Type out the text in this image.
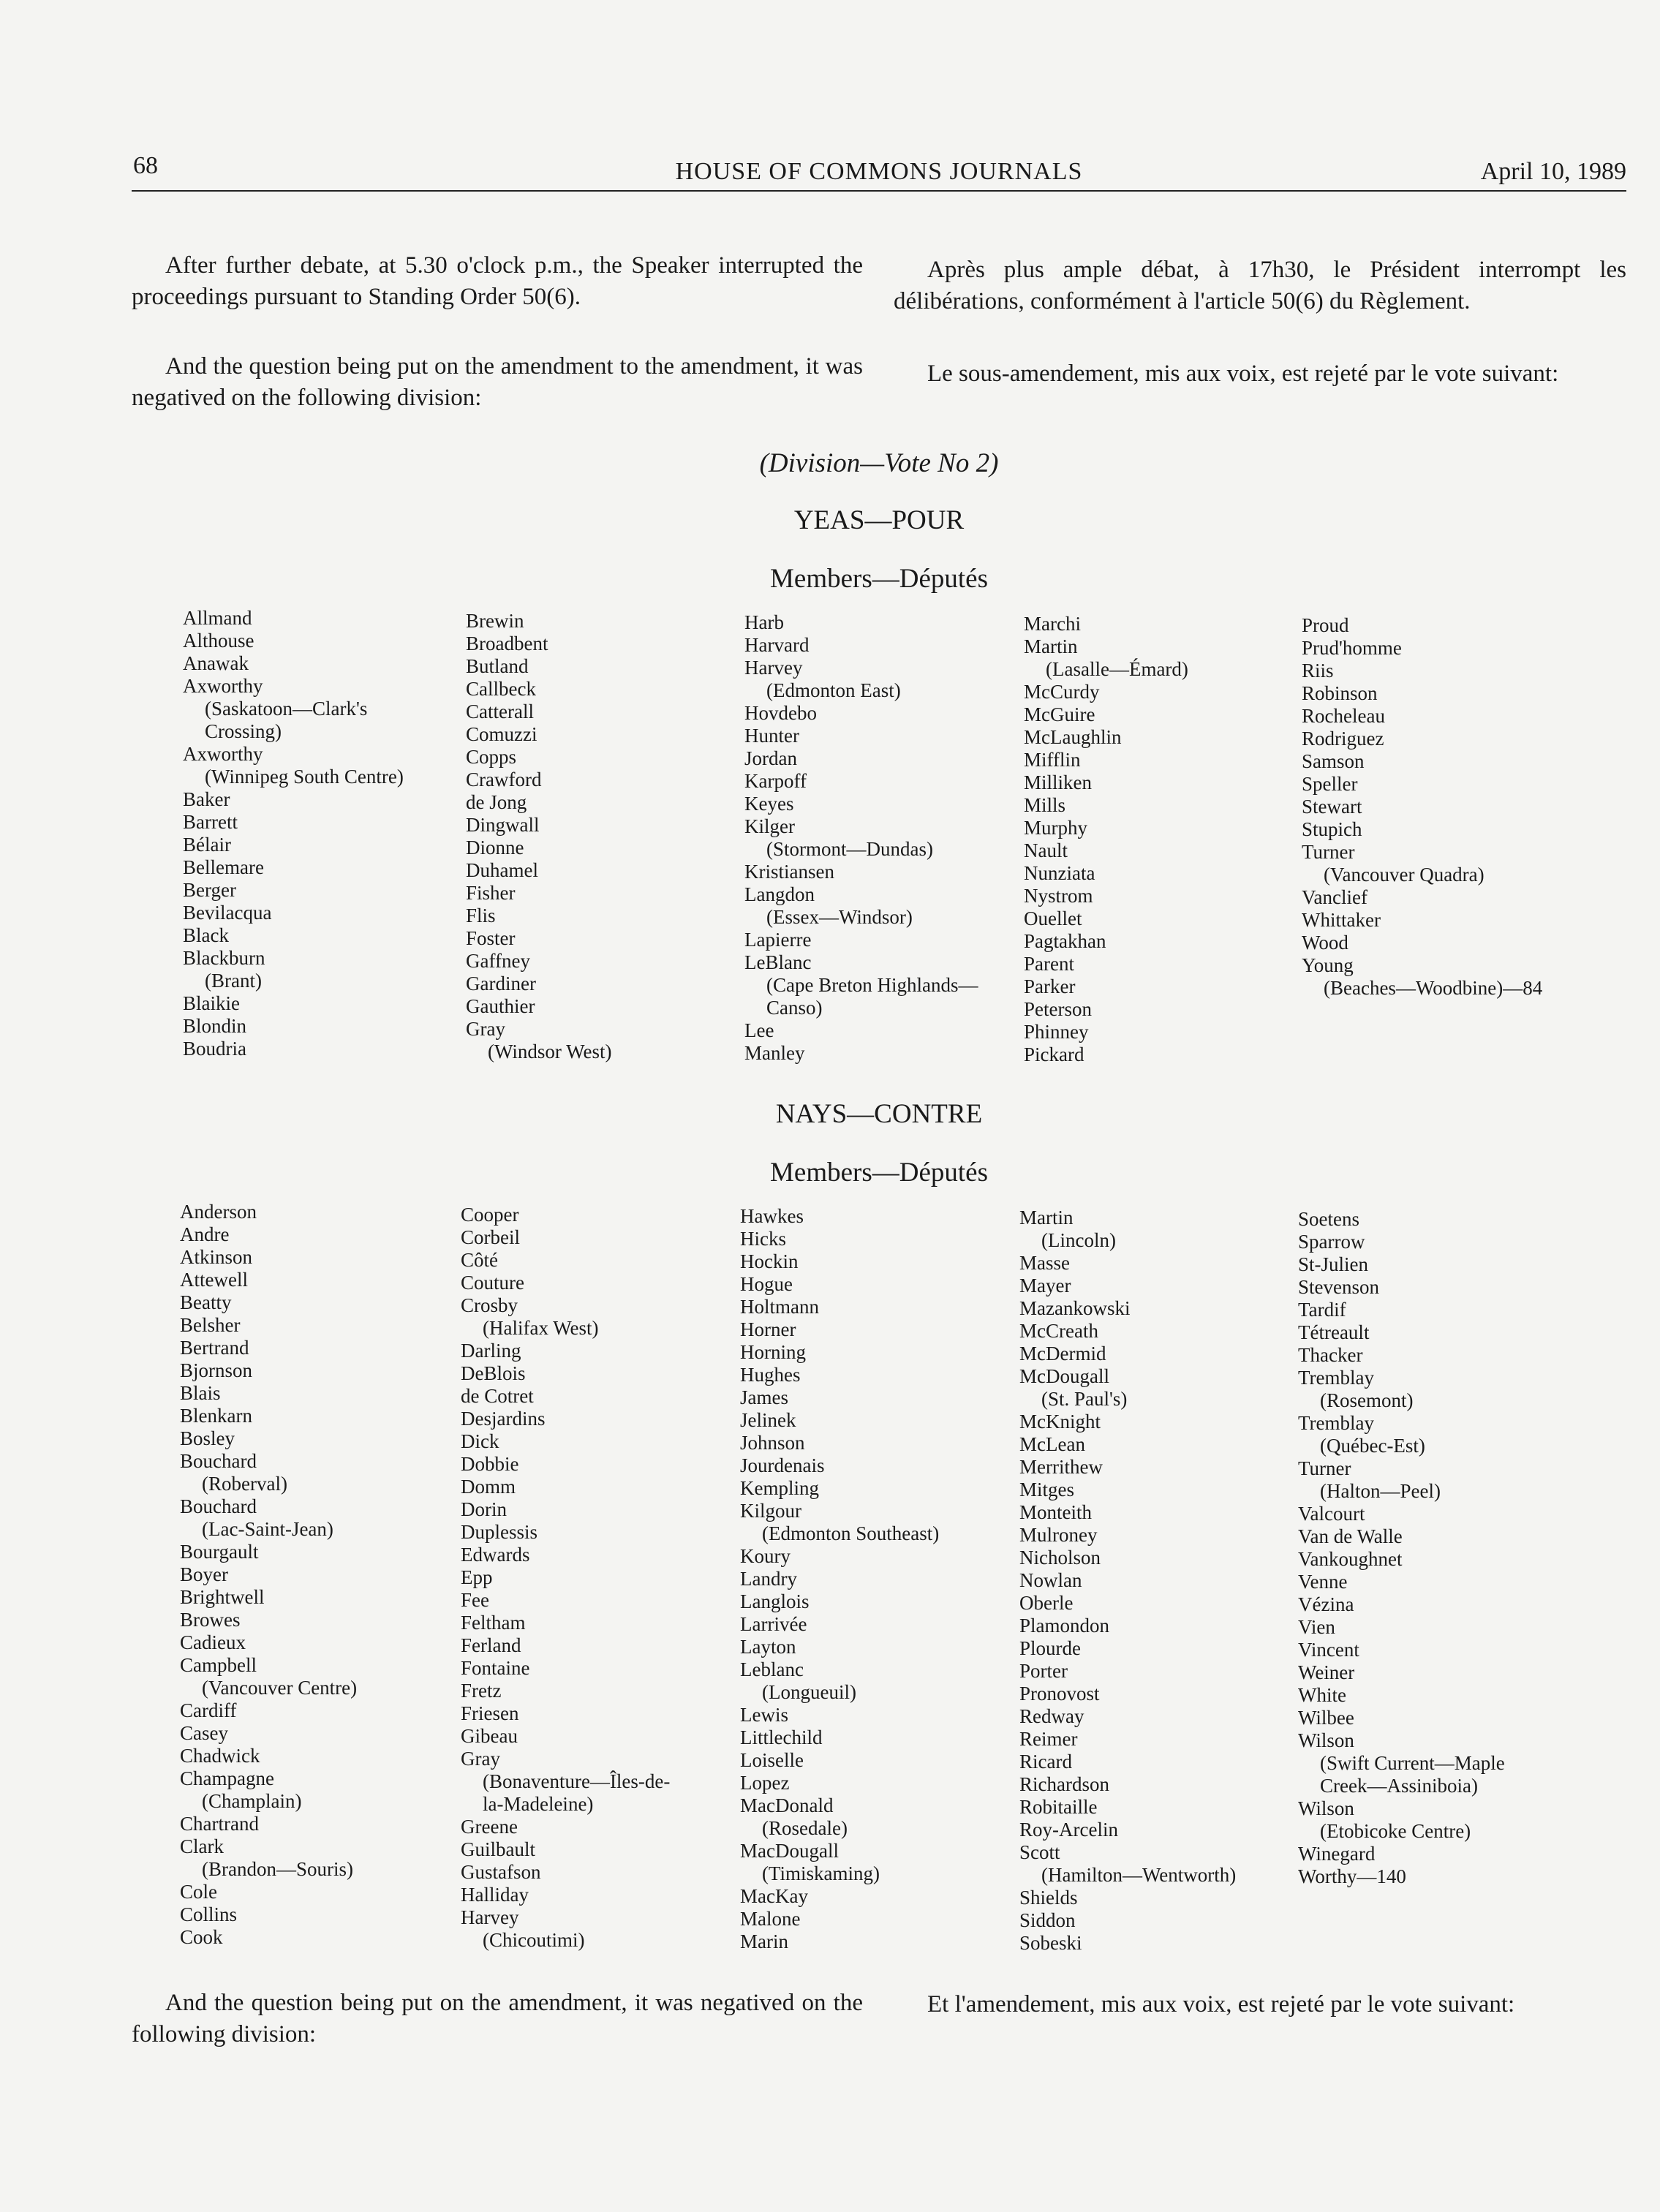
68	HOUSE OF COMMONS JOURNALS	April 10, 1989
After further debate, at 5.30 o'clock p.m., the Speaker interrupted the proceedings pursuant to Standing Order 50(6).
Après plus ample débat, à 17h30, le Président interrompt les délibérations, conformément à l'article 50(6) du Règlement.
And the question being put on the amendment to the amendment, it was negatived on the following division:
Le sous-amendement, mis aux voix, est rejeté par le vote suivant:
(Division—Vote No 2)
YEAS—POUR
Members—Députés
Allmand
Althouse
Anawak
Axworthy
(Saskatoon—Clark's
Crossing)
Axworthy
(Winnipeg South Centre)
Baker
Barrett
Bélair
Bellemare
Berger
Bevilacqua
Black
Blackburn
(Brant)
Blaikie
Blondin
Boudria
Brewin
Broadbent
Butland
Callbeck
Catterall
Comuzzi
Copps
Crawford
de Jong
Dingwall
Dionne
Duhamel
Fisher
Flis
Foster
Gaffney
Gardiner
Gauthier
Gray
(Windsor West)
Harb
Harvard
Harvey
(Edmonton East)
Hovdebo
Hunter
Jordan
Karpoff
Keyes
Kilger
(Stormont—Dundas)
Kristiansen
Langdon
(Essex—Windsor)
Lapierre
LeBlanc
(Cape Breton Highlands—
Canso)
Lee
Manley
Marchi
Martin
(Lasalle—Émard)
McCurdy
McGuire
McLaughlin
Mifflin
Milliken
Mills
Murphy
Nault
Nunziata
Nystrom
Ouellet
Pagtakhan
Parent
Parker
Peterson
Phinney
Pickard
Proud
Prud'homme
Riis
Robinson
Rocheleau
Rodriguez
Samson
Speller
Stewart
Stupich
Turner
(Vancouver Quadra)
Vanclief
Whittaker
Wood
Young
(Beaches—Woodbine)—84
NAYS—CONTRE
Members—Députés
Anderson
Andre
Atkinson
Attewell
Beatty
Belsher
Bertrand
Bjornson
Blais
Blenkarn
Bosley
Bouchard
(Roberval)
Bouchard
(Lac-Saint-Jean)
Bourgault
Boyer
Brightwell
Browes
Cadieux
Campbell
(Vancouver Centre)
Cardiff
Casey
Chadwick
Champagne
(Champlain)
Chartrand
Clark
(Brandon—Souris)
Cole
Collins
Cook
Cooper
Corbeil
Côté
Couture
Crosby
(Halifax West)
Darling
DeBlois
de Cotret
Desjardins
Dick
Dobbie
Domm
Dorin
Duplessis
Edwards
Epp
Fee
Feltham
Ferland
Fontaine
Fretz
Friesen
Gibeau
Gray
(Bonaventure—Îles-de-
la-Madeleine)
Greene
Guilbault
Gustafson
Halliday
Harvey
(Chicoutimi)
Hawkes
Hicks
Hockin
Hogue
Holtmann
Horner
Horning
Hughes
James
Jelinek
Johnson
Jourdenais
Kempling
Kilgour
(Edmonton Southeast)
Koury
Landry
Langlois
Larrivée
Layton
Leblanc
(Longueuil)
Lewis
Littlechild
Loiselle
Lopez
MacDonald
(Rosedale)
MacDougall
(Timiskaming)
MacKay
Malone
Marin
Martin
(Lincoln)
Masse
Mayer
Mazankowski
McCreath
McDermid
McDougall
(St. Paul's)
McKnight
McLean
Merrithew
Mitges
Monteith
Mulroney
Nicholson
Nowlan
Oberle
Plamondon
Plourde
Porter
Pronovost
Redway
Reimer
Ricard
Richardson
Robitaille
Roy-Arcelin
Scott
(Hamilton—Wentworth)
Shields
Siddon
Sobeski
Soetens
Sparrow
St-Julien
Stevenson
Tardif
Tétreault
Thacker
Tremblay
(Rosemont)
Tremblay
(Québec-Est)
Turner
(Halton—Peel)
Valcourt
Van de Walle
Vankoughnet
Venne
Vézina
Vien
Vincent
Weiner
White
Wilbee
Wilson
(Swift Current—Maple
Creek—Assiniboia)
Wilson
(Etobicoke Centre)
Winegard
Worthy—140
And the question being put on the amendment, it was negatived on the following division:
Et l'amendement, mis aux voix, est rejeté par le vote suivant:
